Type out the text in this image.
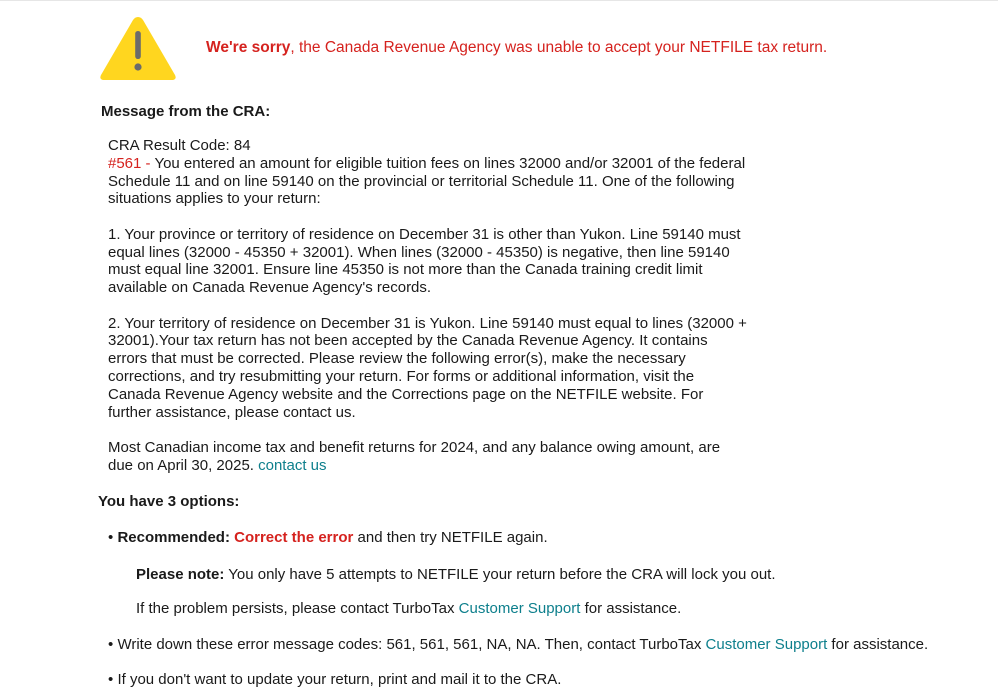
We're sorry, the Canada Revenue Agency was unable to accept your NETFILE tax return.
Message from the CRA:

CRA Result Code: 84

#561 - You entered an amount for eligible tuition fees on lines 32000 and/or 32001 of the federal Schedule 11 and on line 59140 on the provincial or territorial Schedule 11. One of the following situations applies to your return:

1. Your province or territory of residence on December 31 is other than Yukon. Line 59140 must equal lines (32000 - 45350 + 32001). When lines (32000 - 45350) is negative, then line 59140 must equal line 32001. Ensure line 45350 is not more than the Canada training credit limit available on Canada Revenue Agency's records.

2. Your territory of residence on December 31 is Yukon. Line 59140 must equal to lines (32000 + 32001).Your tax return has not been accepted by the Canada Revenue Agency. It contains errors that must be corrected. Please review the following error(s), make the necessary corrections, and try resubmitting your return. For forms or additional information, visit the Canada Revenue Agency website and the Corrections page on the NETFILE website. For further assistance, please contact us.

Most Canadian income tax and benefit returns for 2024, and any balance owing amount, are due on April 30, 2025. contact us

You have 3 options:
• Recommended: Correct the error and then try NETFILE again.
Please note: You only have 5 attempts to NETFILE your return before the CRA will lock you out.
If the problem persists, please contact TurboTax Customer Support for assistance.
• Write down these error message codes: 561, 561, 561, NA, NA. Then, contact TurboTax Customer Support for assistance.
• If you don't want to update your return, print and mail it to the CRA.
